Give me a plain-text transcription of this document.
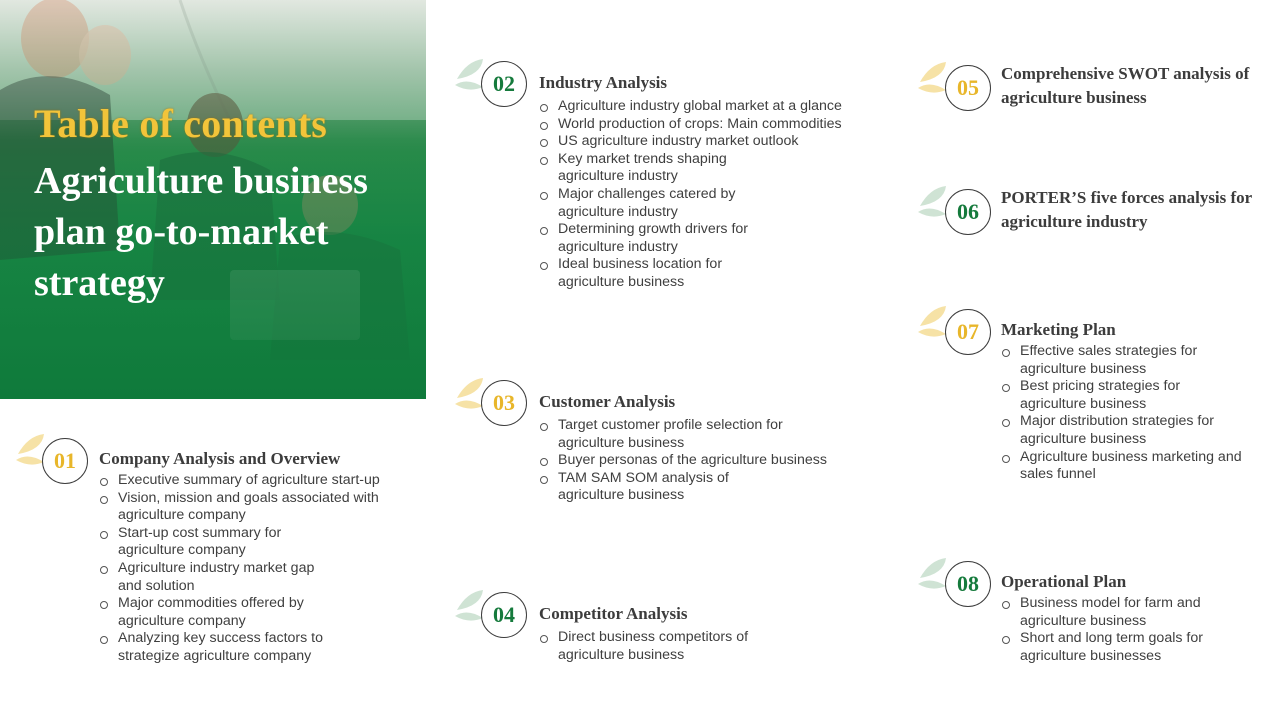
Table of contents
Agriculture business plan go-to-market strategy
01	Company Analysis and Overview
Executive summary of agriculture start-up
Vision, mission and goals associated with agriculture company
Start-up cost summary for agriculture company
Agriculture industry market gap and solution
Major commodities offered by agriculture company
Analyzing key success factors to strategize agriculture company
02	Industry Analysis
Agriculture industry global market at a glance
World production of crops: Main commodities
US agriculture industry market outlook
Key market trends shaping agriculture industry
Major challenges catered by agriculture industry
Determining growth drivers for agriculture industry
Ideal business location for agriculture business
03	Customer Analysis
Target customer profile selection for agriculture business
Buyer personas of the agriculture business
TAM SAM SOM analysis of agriculture business
04	Competitor Analysis
Direct business competitors of agriculture business
05
Comprehensive SWOT analysis of agriculture business
06
PORTER’S five forces analysis for agriculture industry
07	Marketing Plan
Effective sales strategies for agriculture business
Best pricing strategies for agriculture business
Major distribution strategies for agriculture business
Agriculture business marketing and sales funnel
08	Operational Plan
Business model for farm and agriculture business
Short and long term goals for agriculture businesses
